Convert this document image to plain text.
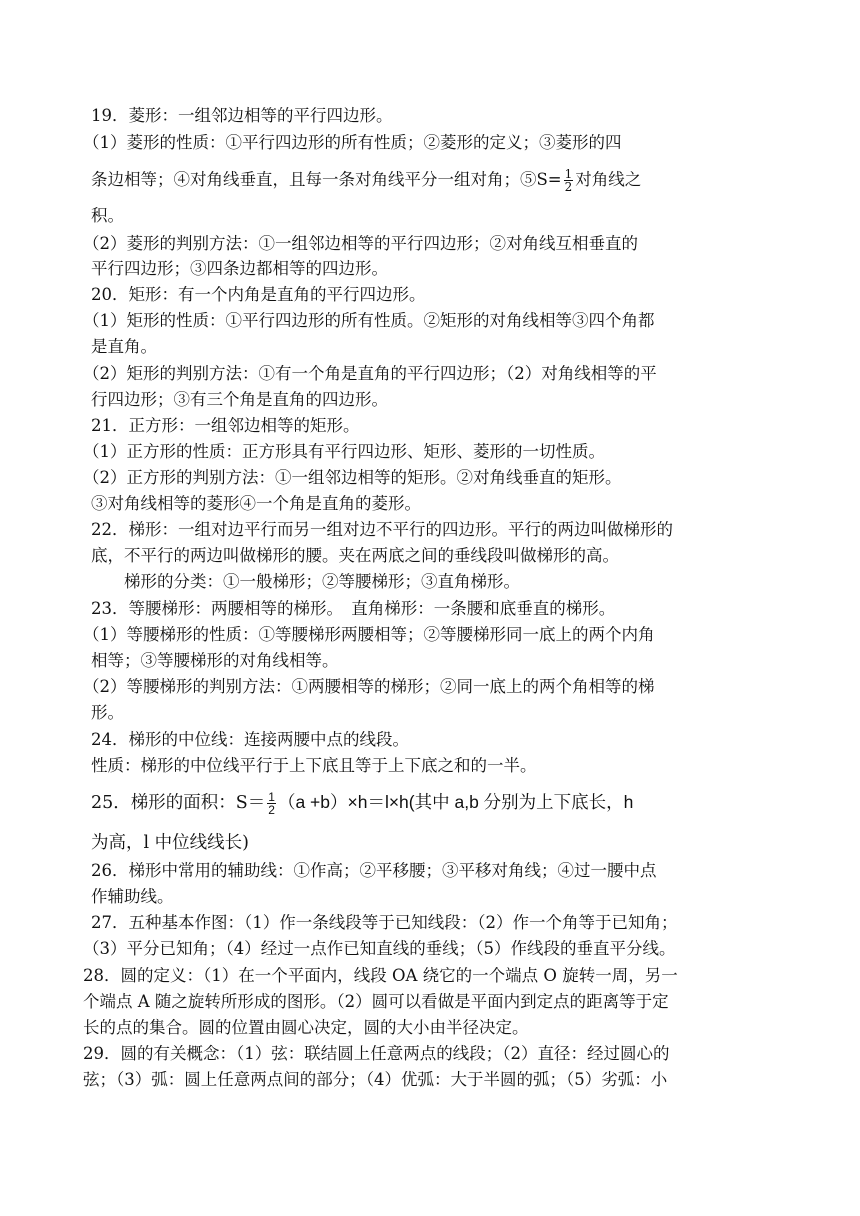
19．菱形：一组邻边相等的平行四边形。
（1）菱形的性质：①平行四边形的所有性质；②菱形的定义；③菱形的四
条边相等；④对角线垂直，且每一条对角线平分一组对角；⑤S= $\frac{1}{2}$ 对角线之
积。
（2）菱形的判别方法：①一组邻边相等的平行四边形；②对角线互相垂直的
平行四边形；③四条边都相等的四边形。
20．矩形：有一个内角是直角的平行四边形。
（1）矩形的性质：①平行四边形的所有性质。②矩形的对角线相等③四个角都
是直角。
（2）矩形的判别方法：①有一个角是直角的平行四边形；（2）对角线相等的平
行四边形；③有三个角是直角的四边形。
21．正方形：一组邻边相等的矩形。
（1）正方形的性质：正方形具有平行四边形、矩形、菱形的一切性质。
（2）正方形的判别方法：①一组邻边相等的矩形。②对角线垂直的矩形。
③对角线相等的菱形④一个角是直角的菱形。
22．梯形：一组对边平行而另一组对边不平行的四边形。平行的两边叫做梯形的
底，不平行的两边叫做梯形的腰。夹在两底之间的垂线段叫做梯形的高。
梯形的分类：①一般梯形；②等腰梯形；③直角梯形。
23．等腰梯形：两腰相等的梯形。　直角梯形：一条腰和底垂直的梯形。
（1）等腰梯形的性质：①等腰梯形两腰相等；②等腰梯形同一底上的两个内角
相等；③等腰梯形的对角线相等。
（2）等腰梯形的判别方法：①两腰相等的梯形；②同一底上的两个角相等的梯
形。
24．梯形的中位线：连接两腰中点的线段。
性质：梯形的中位线平行于上下底且等于上下底之和的一半。
25．梯形的面积：$S= \frac{1}{2} (a +b)\times h=l\times h$(其中 a,b 分别为上下底长，h
为高，l 中位线线长)
26．梯形中常用的辅助线：①作高；②平移腰；③平移对角线；④过一腰中点
作辅助线。
27．五种基本作图：（1）作一条线段等于已知线段：（2）作一个角等于已知角；
（3）平分已知角；（4）经过一点作已知直线的垂线；（5）作线段的垂直平分线。
28．圆的定义：（1）在一个平面内，线段 OA 绕它的一个端点 O 旋转一周，另一
个端点 A 随之旋转所形成的图形。（2）圆可以看做是平面内到定点的距离等于定
长的点的集合。圆的位置由圆心决定，圆的大小由半径决定。
29．圆的有关概念：（1）弦：联结圆上任意两点的线段；（2）直径：经过圆心的
弦；（3）弧：圆上任意两点间的部分；（4）优弧：大于半圆的弧；（5）劣弧：小
